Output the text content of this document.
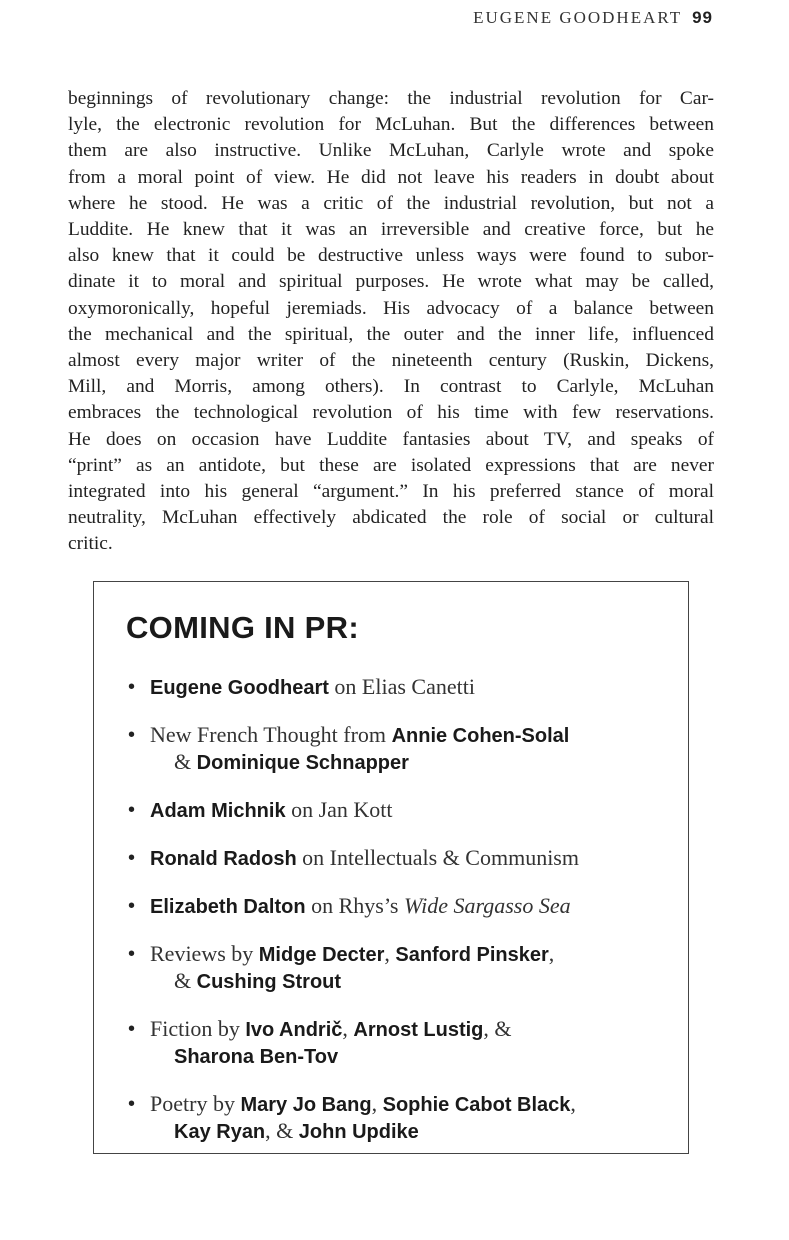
EUGENE GOODHEART 99

beginnings of revolutionary change: the industrial revolution for Car-
lyle, the electronic revolution for McLuhan. But the differences between
them are also instructive. Unlike McLuhan, Carlyle wrote and spoke
from a moral point of view. He did not leave his readers in doubt about
where he stood. He was a critic of the industrial revolution, but not a
Luddite. He knew that it was an irreversible and creative force, but he
also knew that it could be destructive unless ways were found to subor-
dinate it to moral and spiritual purposes. He wrote what may be called,
oxymoronically, hopeful jeremiads. His advocacy of a balance between
the mechanical and the spiritual, the outer and the inner life, influenced
almost every major writer of the nineteenth century (Ruskin, Dickens,
Mill, and Morris, among others). In contrast to Carlyle, McLuhan
embraces the technological revolution of his time with few reservations.
He does on occasion have Luddite fantasies about TV, and speaks of
“print” as an antidote, but these are isolated expressions that are never
integrated into his general “argument.” In his preferred stance of moral
neutrality, McLuhan effectively abdicated the role of social or cultural
critic.

COMING IN PR:
• Eugene Goodheart on Elias Canetti
• New French Thought from Annie Cohen-Solal
& Dominique Schnapper
• Adam Michnik on Jan Kott
• Ronald Radosh on Intellectuals & Communism
• Elizabeth Dalton on Rhys’s Wide Sargasso Sea
• Reviews by Midge Decter, Sanford Pinsker,
& Cushing Strout
• Fiction by Ivo Andrič, Arnost Lustig, &
Sharona Ben-Tov
• Poetry by Mary Jo Bang, Sophie Cabot Black,
Kay Ryan, & John Updike
